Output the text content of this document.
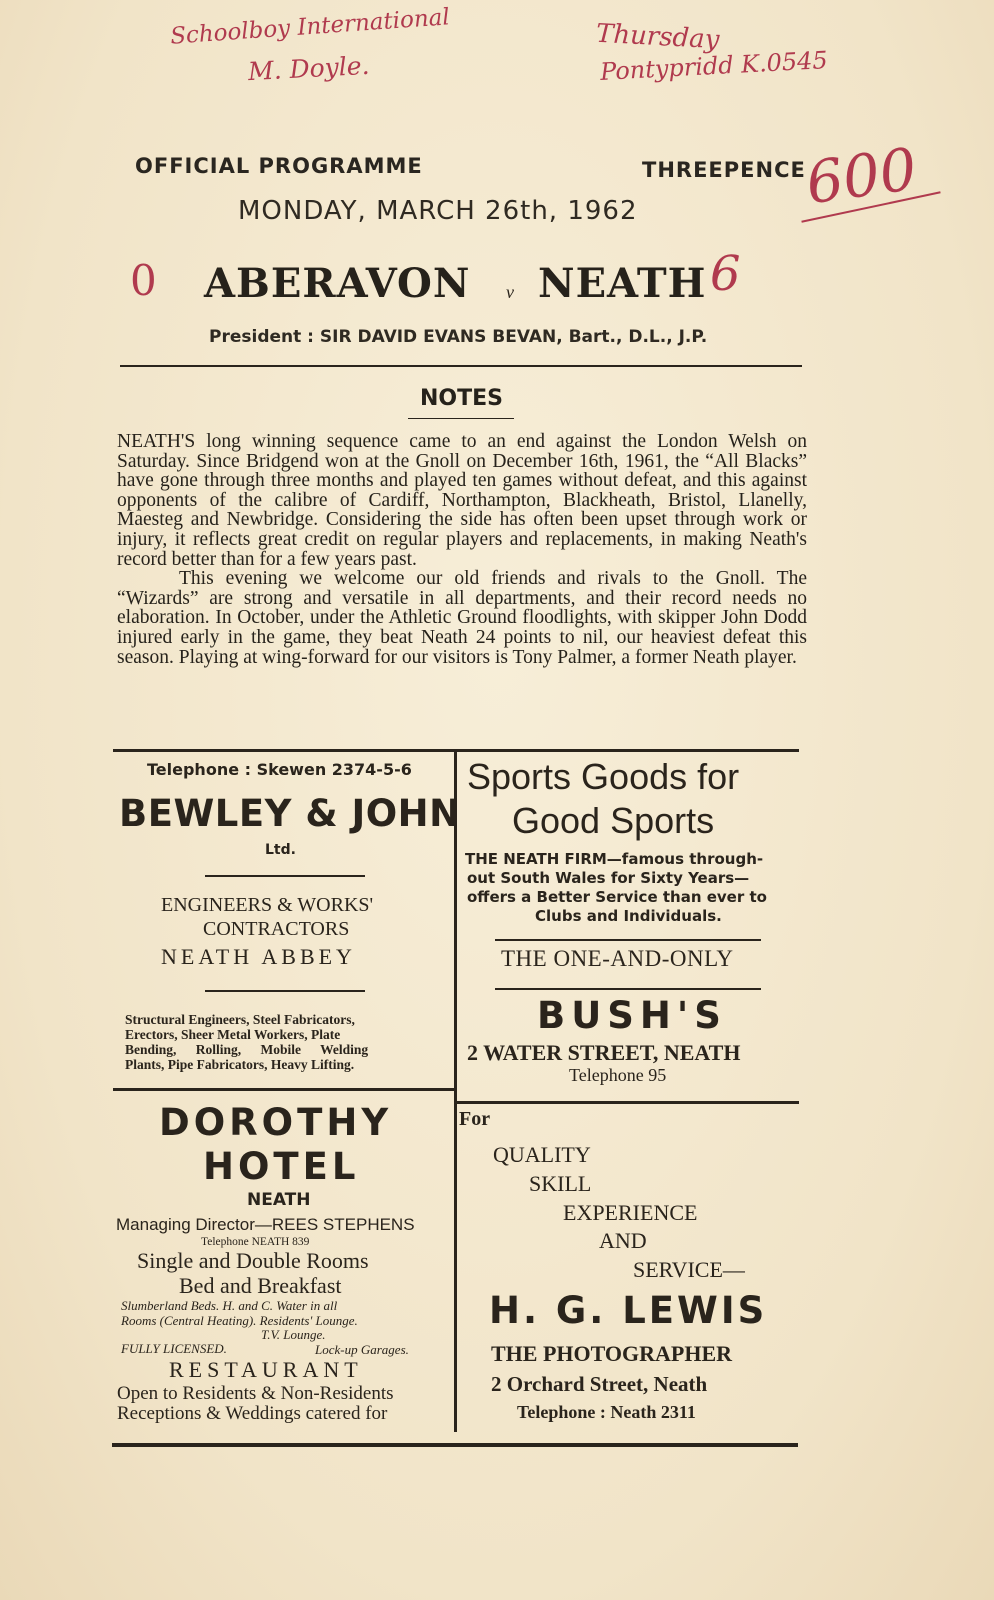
Schoolboy International
M. Doyle.
Thursday
Pontypridd K.0545
600
0	6
OFFICIAL PROGRAMME	THREEPENCE
MONDAY, MARCH 26th, 1962
ABERAVON v NEATH
President : SIR DAVID EVANS BEVAN, Bart., D.L., J.P.
NOTES

NEATH'S long winning sequence came to an end against the London Welsh on Saturday. Since Bridgend won at the Gnoll on December 16th, 1961, the “All Blacks” have gone through three months and played ten games without defeat, and this against opponents of the calibre of Cardiff, Northampton, Blackheath, Bristol, Llanelly, Maesteg and Newbridge. Considering the side has often been upset through work or injury, it reflects great credit on regular players and replacements, in making Neath's record better than for a few years past.

This evening we welcome our old friends and rivals to the Gnoll. The “Wizards” are strong and versatile in all departments, and their record needs no elaboration. In October, under the Athletic Ground floodlights, with skipper John Dodd injured early in the game, they beat Neath 24 points to nil, our heaviest defeat this season. Playing at wing-forward for our visitors is Tony Palmer, a former Neath player.

Telephone : Skewen 2374-5-6
BEWLEY & JOHN
Ltd.
ENGINEERS & WORKS'
CONTRACTORS
NEATH ABBEY
Structural Engineers, Steel Fabricators,
Erectors, Sheer Metal Workers, Plate
Bending, Rolling, Mobile Welding
Plants, Pipe Fabricators, Heavy Lifting.
Sports Goods for
Good Sports
THE NEATH FIRM—famous through-
out South Wales for Sixty Years—
offers a Better Service than ever to
Clubs and Individuals.
THE ONE-AND-ONLY
BUSH'S
2 WATER STREET, NEATH
Telephone 95
DOROTHY
HOTEL
NEATH
Managing Director—REES STEPHENS
Telephone NEATH 839
Single and Double Rooms
Bed and Breakfast
Slumberland Beds. H. and C. Water in all
Rooms (Central Heating). Residents' Lounge.
T.V. Lounge.
FULLY LICENSED.	Lock-up Garages.
RESTAURANT
Open to Residents & Non-Residents
Receptions & Weddings catered for
For
QUALITY
SKILL
EXPERIENCE
AND
SERVICE—
H. G. LEWIS
THE PHOTOGRAPHER
2 Orchard Street, Neath
Telephone : Neath 2311
